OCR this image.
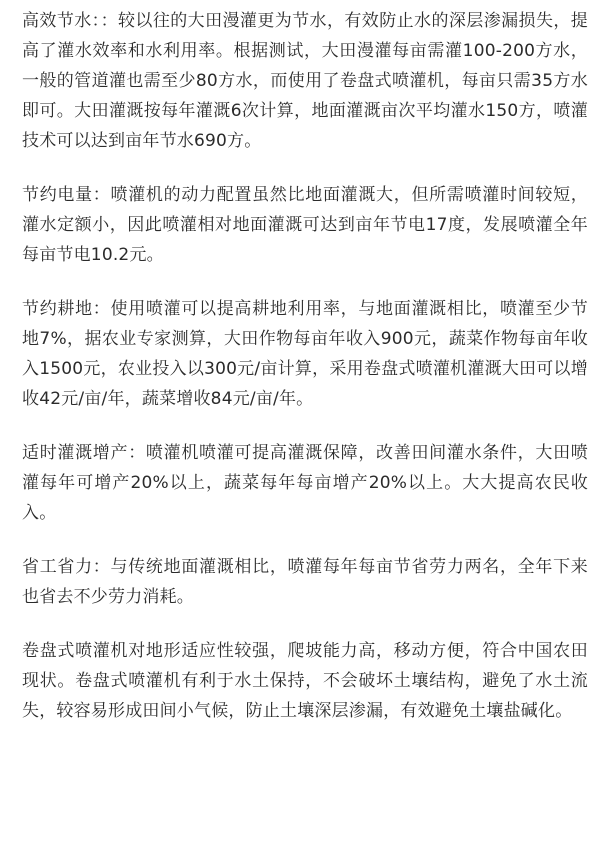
高效节水：：较以往的大田漫灌更为节水，有效防止水的深层渗漏损失，提高了灌水效率和水利用率。根据测试，大田漫灌每亩需灌100-200方水，一般的管道灌也需至少80方水，而使用了卷盘式喷灌机，每亩只需35方水即可。大田灌溉按每年灌溉6次计算，地面灌溉亩次平均灌水150方，喷灌技术可以达到亩年节水690方。

节约电量：喷灌机的动力配置虽然比地面灌溉大，但所需喷灌时间较短，灌水定额小，因此喷灌相对地面灌溉可达到亩年节电17度，发展喷灌全年每亩节电10.2元。

节约耕地：使用喷灌可以提高耕地利用率，与地面灌溉相比，喷灌至少节地7%，据农业专家测算，大田作物每亩年收入900元，蔬菜作物每亩年收入1500元，农业投入以300元/亩计算，采用卷盘式喷灌机灌溉大田可以增收42元/亩/年，蔬菜增收84元/亩/年。

适时灌溉增产：喷灌机喷灌可提高灌溉保障，改善田间灌水条件，大田喷灌每年可增产20%以上，蔬菜每年每亩增产20%以上。大大提高农民收入。

省工省力：与传统地面灌溉相比，喷灌每年每亩节省劳力两名，全年下来也省去不少劳力消耗。

卷盘式喷灌机对地形适应性较强，爬坡能力高，移动方便，符合中国农田现状。卷盘式喷灌机有利于水土保持，不会破坏土壤结构，避免了水土流失，较容易形成田间小气候，防止土壤深层渗漏，有效避免土壤盐碱化。
